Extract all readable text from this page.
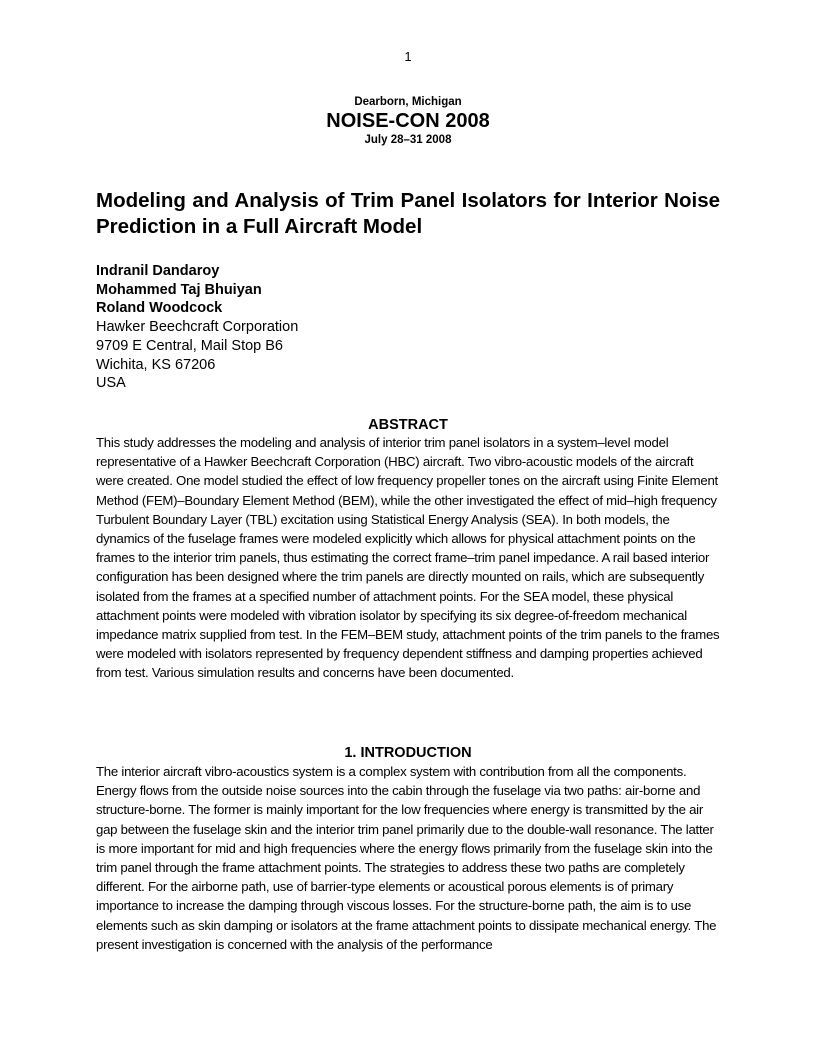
1
Dearborn, Michigan
NOISE-CON 2008
July 28–31 2008
Modeling and Analysis of Trim Panel Isolators for Interior Noise Prediction in a Full Aircraft Model
Indranil Dandaroy
Mohammed Taj Bhuiyan
Roland Woodcock
Hawker Beechcraft Corporation
9709 E Central, Mail Stop B6
Wichita, KS 67206
USA
ABSTRACT

This study addresses the modeling and analysis of interior trim panel isolators in a system–level model representative of a Hawker Beechcraft Corporation (HBC) aircraft. Two vibro-acoustic models of the aircraft were created. One model studied the effect of low frequency propeller tones on the aircraft using Finite Element Method (FEM)–Boundary Element Method (BEM), while the other investigated the effect of mid–high frequency Turbulent Boundary Layer (TBL) excitation using Statistical Energy Analysis (SEA). In both models, the dynamics of the fuselage frames were modeled explicitly which allows for physical attachment points on the frames to the interior trim panels, thus estimating the correct frame–trim panel impedance. A rail based interior configuration has been designed where the trim panels are directly mounted on rails, which are subsequently isolated from the frames at a specified number of attachment points. For the SEA model, these physical attachment points were modeled with vibration isolator by specifying its six degree-of-freedom mechanical impedance matrix supplied from test. In the FEM–BEM study, attachment points of the trim panels to the frames were modeled with isolators represented by frequency dependent stiffness and damping properties achieved from test. Various simulation results and concerns have been documented.

1. INTRODUCTION

The interior aircraft vibro-acoustics system is a complex system with contribution from all the components. Energy flows from the outside noise sources into the cabin through the fuselage via two paths: air-borne and structure-borne. The former is mainly important for the low frequencies where energy is transmitted by the air gap between the fuselage skin and the interior trim panel primarily due to the double-wall resonance. The latter is more important for mid and high frequencies where the energy flows primarily from the fuselage skin into the trim panel through the frame attachment points. The strategies to address these two paths are completely different. For the airborne path, use of barrier-type elements or acoustical porous elements is of primary importance to increase the damping through viscous losses. For the structure-borne path, the aim is to use elements such as skin damping or isolators at the frame attachment points to dissipate mechanical energy. The present investigation is concerned with the analysis of the performance
